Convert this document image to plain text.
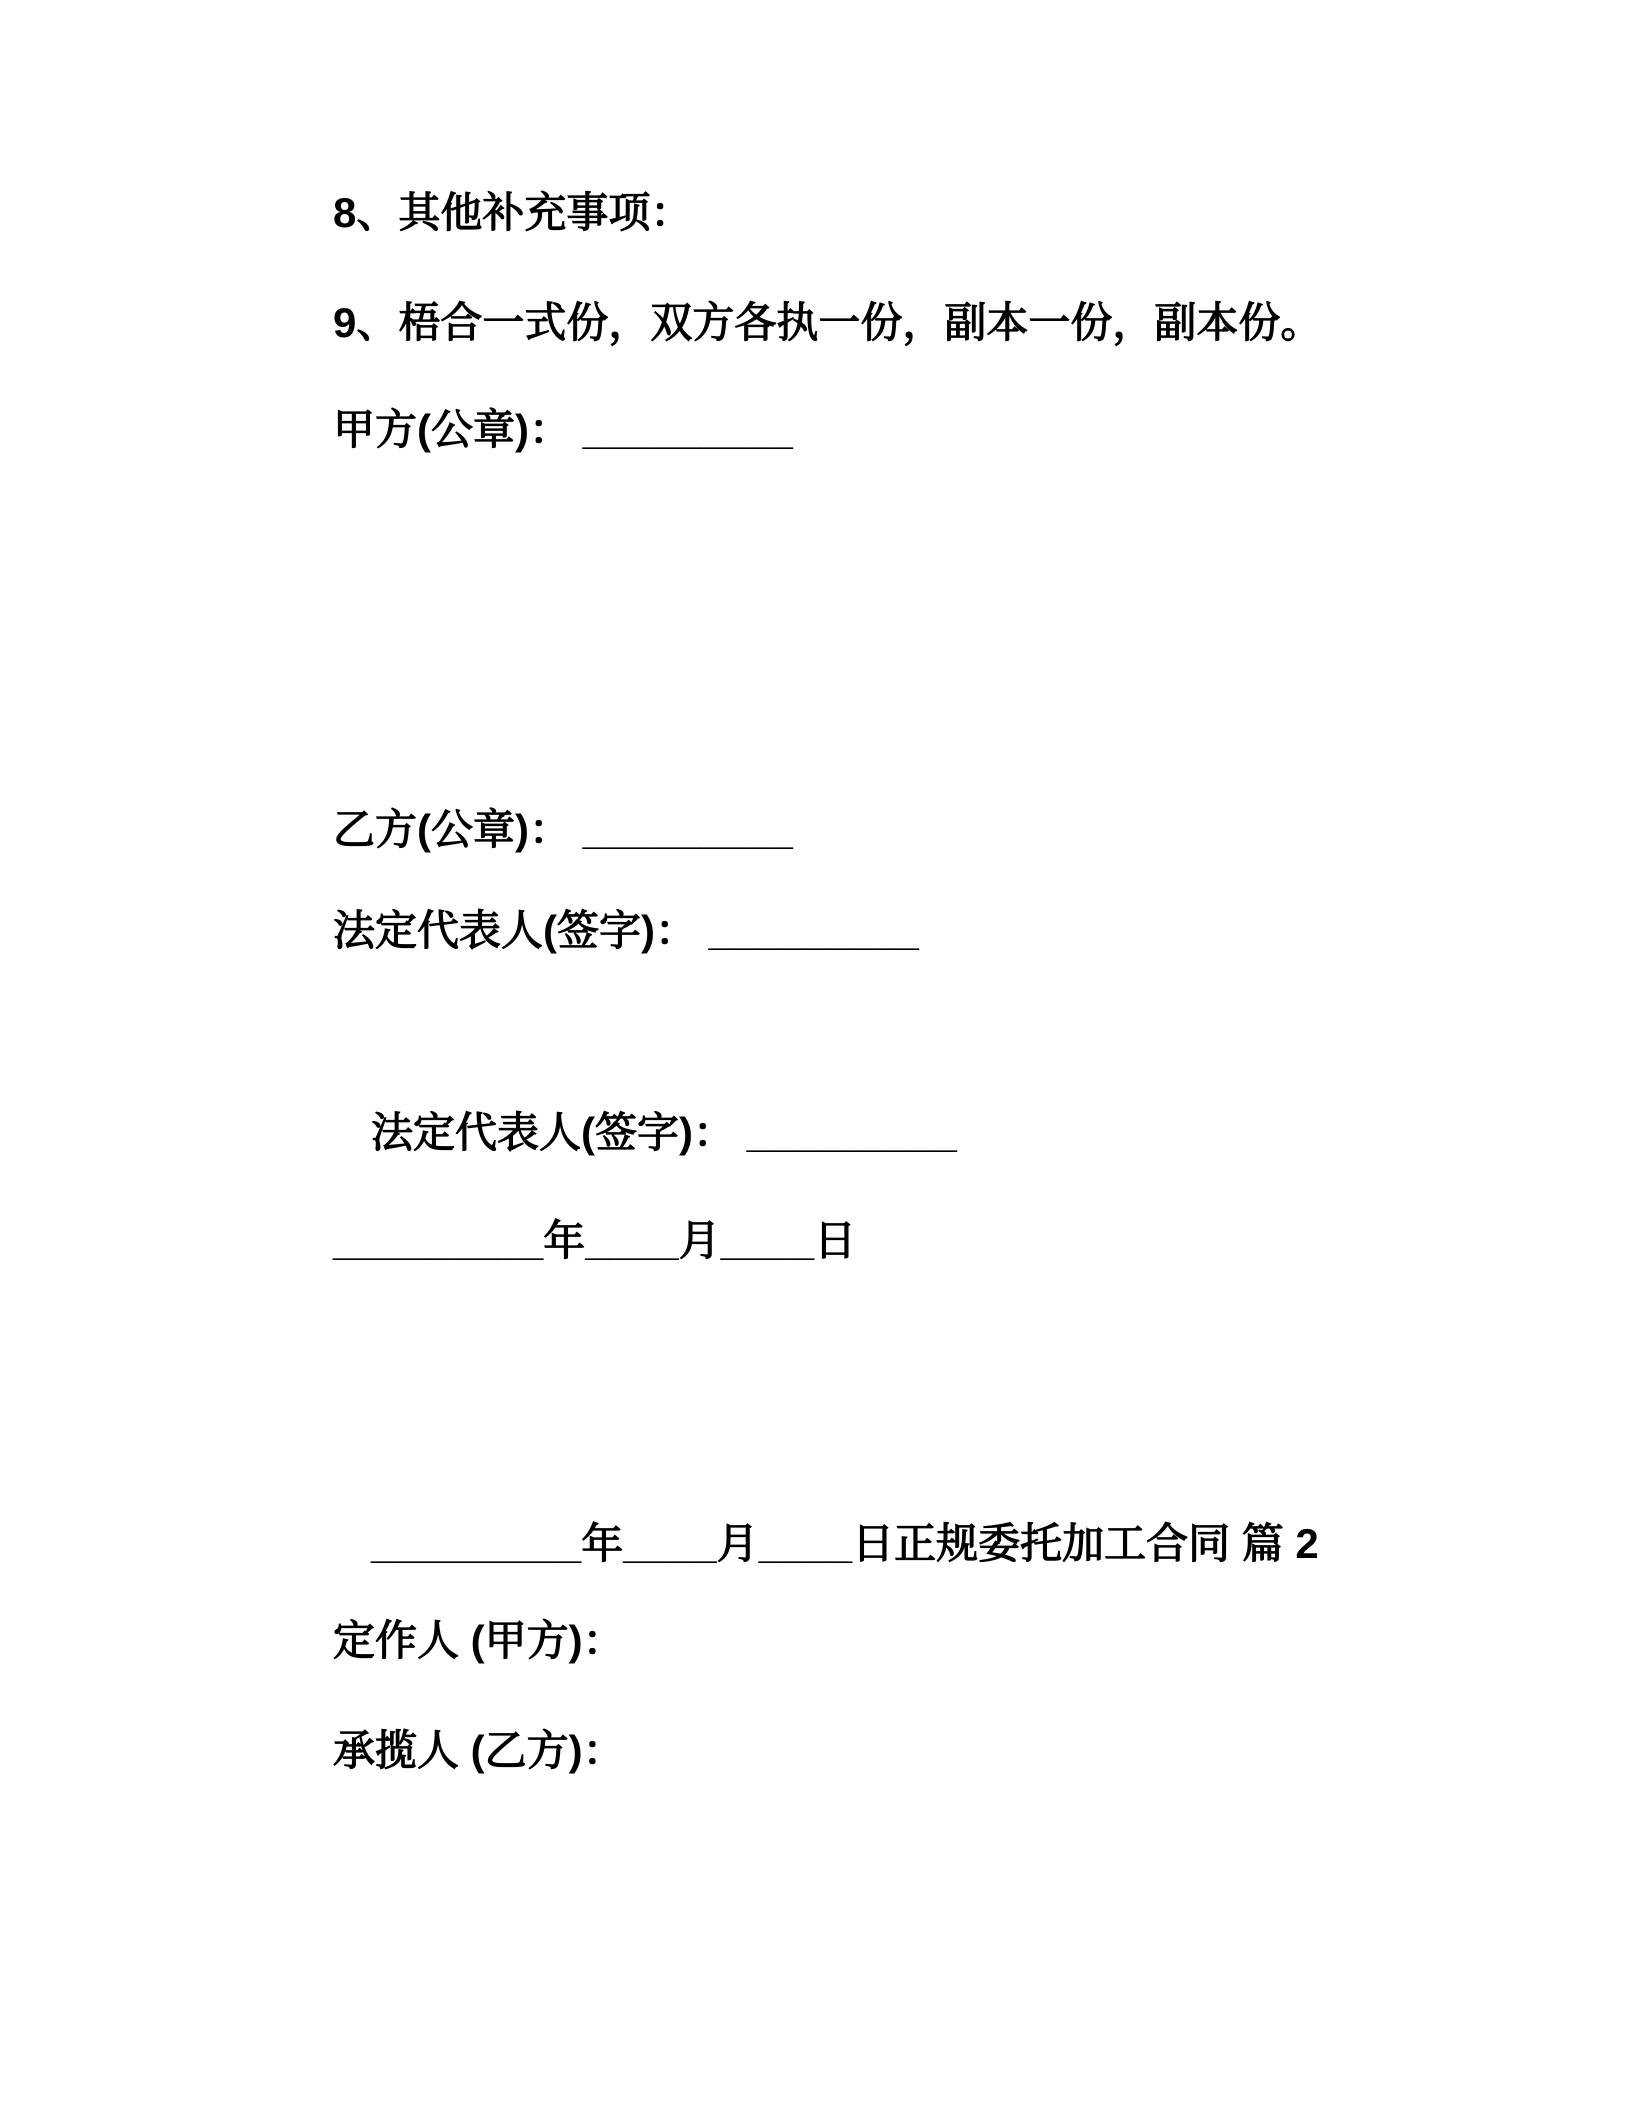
8、其他补充事项：

9、梧合一式份，双方各执一份，副本一份，副本份。

甲方(公章)： _________

乙方(公章)： _________

法定代表人(签字)： _________

法定代表人(签字)： _________

_________年____月____日

_________年____月____日正规委托加工合同 篇 2

定作人 (甲方)：

承揽人 (乙方)：
